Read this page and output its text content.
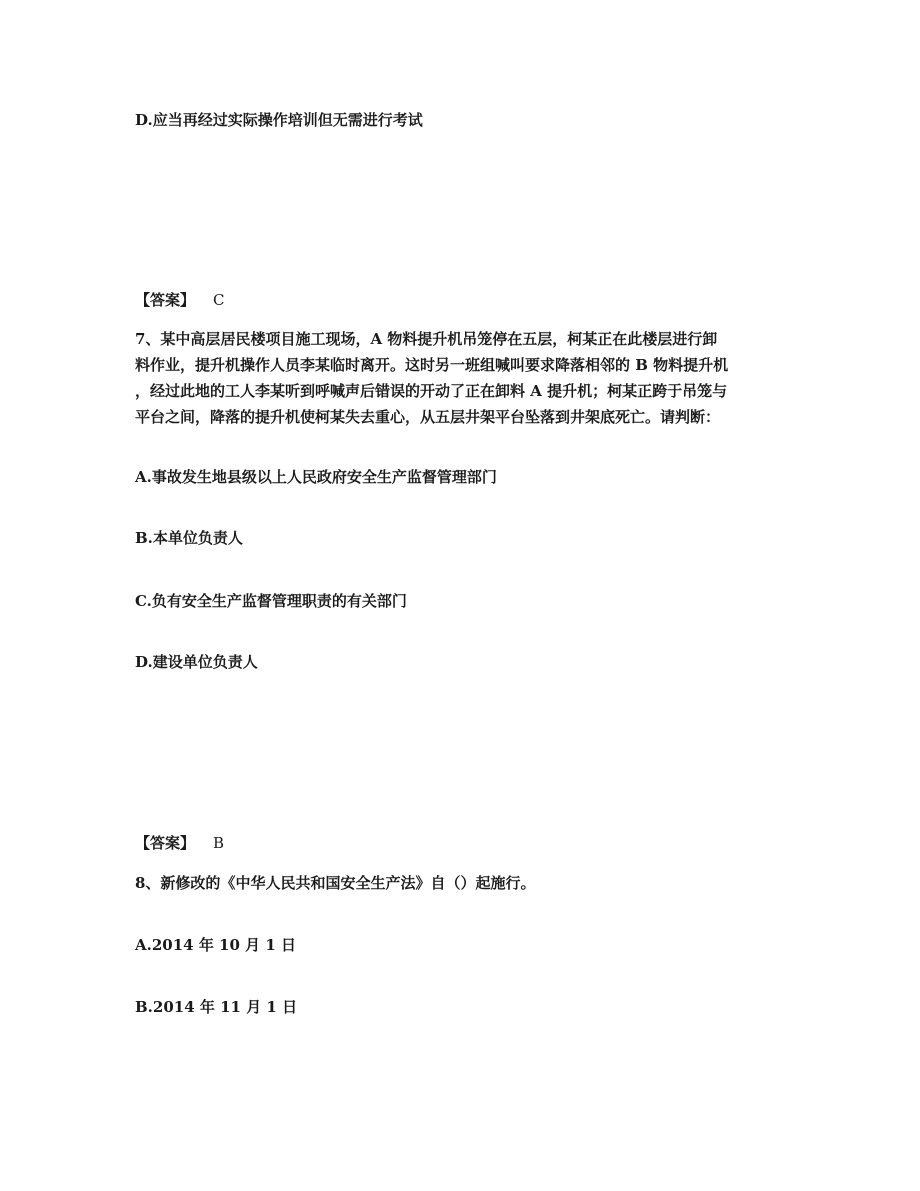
D.应当再经过实际操作培训但无需进行考试

【答案】 C

7、某中高层居民楼项目施工现场，A 物料提升机吊笼停在五层，柯某正在此楼层进行卸
料作业，提升机操作人员李某临时离开。这时另一班组喊叫要求降落相邻的 B 物料提升机
，经过此地的工人李某听到呼喊声后错误的开动了正在卸料 A 提升机；柯某正跨于吊笼与
平台之间，降落的提升机使柯某失去重心，从五层井架平台坠落到井架底死亡。请判断：

A.事故发生地县级以上人民政府安全生产监督管理部门

B.本单位负责人

C.负有安全生产监督管理职责的有关部门

D.建设单位负责人

【答案】 B

8、新修改的《中华人民共和国安全生产法》自（）起施行。

A.2014 年 10 月 1 日

B.2014 年 11 月 1 日
